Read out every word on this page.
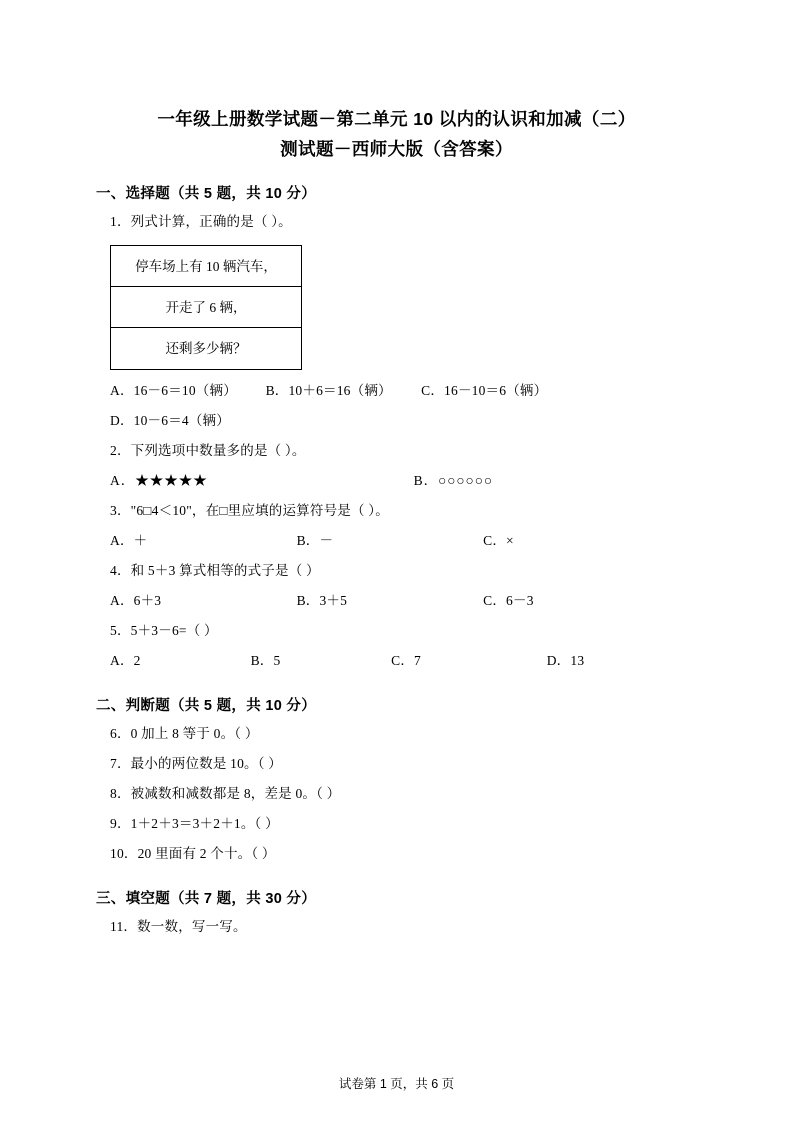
一年级上册数学试题－第二单元 10 以内的认识和加减（二）
测试题－西师大版（含答案）
一、选择题（共 5 题，共 10 分）

1．列式计算，正确的是（ ）。

停车场上有 10 辆汽车，
开走了 6 辆，
还剩多少辆？
A．16－6＝10（辆） B．10＋6＝16（辆） C．16－10＝6（辆） D．10－6＝4（辆）

2．下列选项中数量多的是（ ）。

A．★★★★★	B．○○○○○○

3．"6□4＜10"，在□里应填的运算符号是（ ）。

A．＋	B．－	C．×

4．和 5＋3 算式相等的式子是（ ）

A．6＋3	B．3＋5	C．6－3

5．5＋3－6=（ ）

A．2	B．5	C．7	D．13
二、判断题（共 5 题，共 10 分）

6．0 加上 8 等于 0。（ ）

7．最小的两位数是 10。（ ）

8．被减数和减数都是 8，差是 0。（ ）

9．1＋2＋3＝3＋2＋1。（ ）

10．20 里面有 2 个十。（ ）

三、填空题（共 7 题，共 30 分）

11．数一数，写一写。

试卷第 1 页，共 6 页
